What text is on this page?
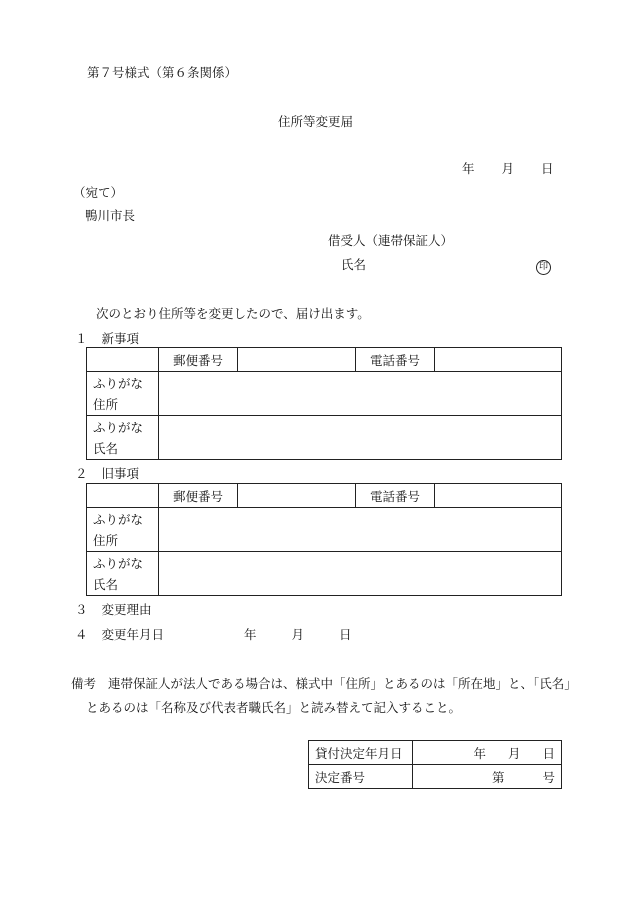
第７号様式（第６条関係）
住所等変更届
年 月 日
（宛て）
鴨川市長
借受人（連帯保証人）
氏名	印
次のとおり住所等を変更したので、届け出ます。
１ 新事項
	郵便番号		電話番号	

ふりがな
住所				

ふりがな
氏名				

２ 旧事項
	郵便番号		電話番号	

ふりがな
住所				

ふりがな
氏名				

３ 変更理由
４ 変更年月日	年	月	日
備考 連帯保証人が法人である場合は、様式中「住所」とあるのは「所在地」と、「氏名」
とあるのは「名称及び代表者職氏名」と読み替えて記入すること。
貸付決定年月日	年 月 日
決定番号	第 号
